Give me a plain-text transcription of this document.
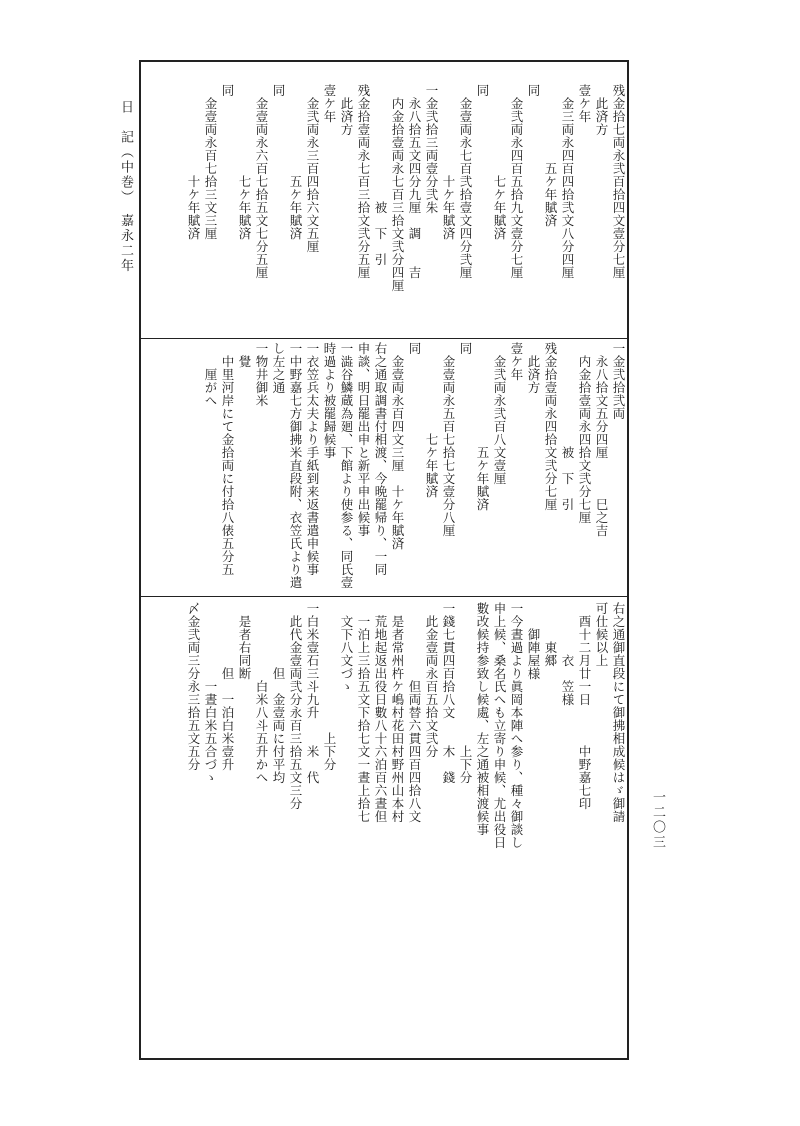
日　記（中巻）　嘉永二年
一二〇三
残金拾七両永弐百拾四文壹分七厘
此済方
壹ケ年
金三両永四百四拾弐文八分四厘
五ケ年賦済
同
金弐両永四百五拾九文壹分七厘
七ケ年賦済
同
金壹両永七百弐拾壹文四分弐厘
十ケ年賦済
一金弐拾三両壹分弐朱
永八拾五文四分九厘　調　　吉
内金拾壹両永七百三拾文弐分四厘
被　下　引
残金拾壹両永七百三拾文弐分五厘
此済方
壹ケ年
金弐両永三百四拾六文五厘
五ケ年賦済
同
金壹両永六百七拾五文七分五厘
七ケ年賦済
同
金壹両永百七拾三文三厘
十ケ年賦済
一金弐拾弐両
永八拾文五分四厘　　　巳之吉
内金拾壹両永四拾文弐分七厘
被　下　引
残金拾壹両永四拾文弐分七厘
此済方
壹ケ年
金弐両永弐百八文壹厘
五ケ年賦済
同
金壹両永五百七拾七文壹分八厘
七ケ年賦済
同
金壹両永百四文三厘　十ケ年賦済
右之通取調書付相渡、今晩罷帰り、一同
申談、明日罷出申と新平申出候事
一澁谷鱗蔵為廻、下館より使参る、同氏壹
時過より被罷歸候事
一衣笠兵太夫より手紙到来返書遣申候事
一中野嘉七方御拂米直段附、衣笠氏より遣
し左之通
一物井御米
覺
中里河岸にて金拾両に付拾八俵五分五
厘がへ
右之通御直段にて御拂相成候はゞ御請
可仕候以上
酉十二月廿一日　　　中野嘉七印
衣　笠様
東郷
御陣屋様
一今晝過より眞岡本陣へ参り、種々御談し
申上候、桑名氏へも立寄り申候、尤出役日
數改候持参致し候處、左之通被相渡候事
上下分
一錢七貫四百拾八文　　木　錢
此金壹両永百五拾文弐分
但両替六貫四百四拾八文
是者常州杵ケ嶋村花田村野州山本村
荒地起返出役日數八十六泊百六晝但
一泊上三拾五文下拾七文一晝上拾七
文下八文づゝ
上下分
一白米壹石三斗九升　　米　代
此代金壹両弐分永百三拾五文三分
但　金壹両に付平均
白米八斗五升かへ
是者右同断
但　一泊白米壹升
一晝白米五合づゝ
〆金弐両三分永三拾五文五分
